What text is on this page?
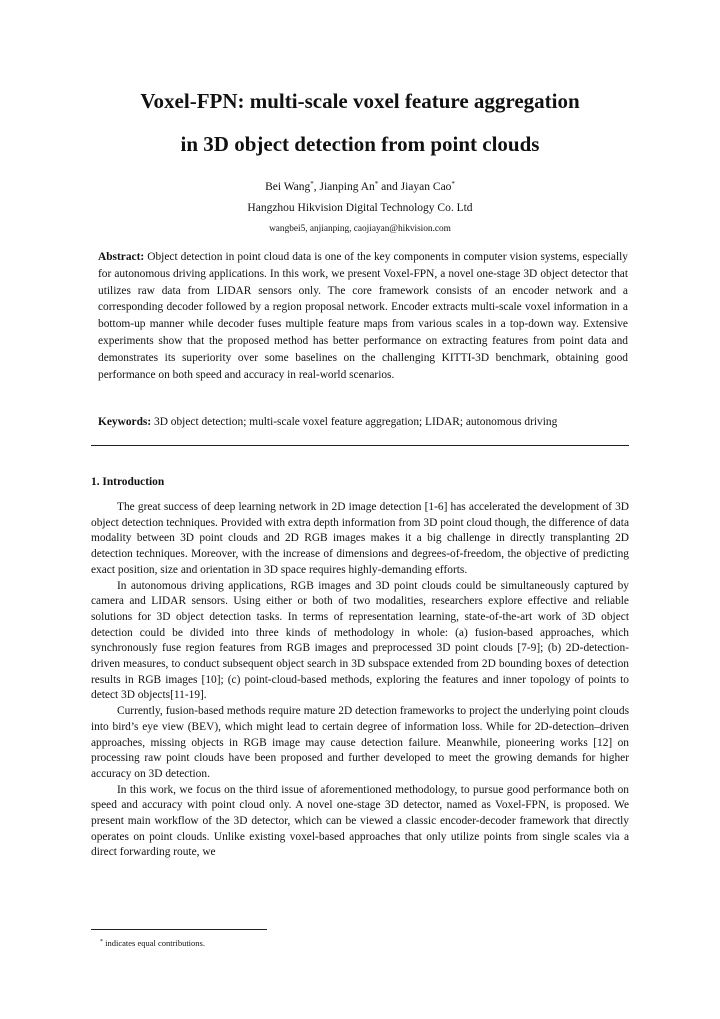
Voxel-FPN: multi-scale voxel feature aggregation
in 3D object detection from point clouds
Bei Wang*, Jianping An* and Jiayan Cao*
Hangzhou Hikvision Digital Technology Co. Ltd
wangbei5, anjianping, caojiayan@hikvision.com
Abstract: Object detection in point cloud data is one of the key components in computer vision systems, especially for autonomous driving applications. In this work, we present Voxel-FPN, a novel one-stage 3D object detector that utilizes raw data from LIDAR sensors only. The core framework consists of an encoder network and a corresponding decoder followed by a region proposal network. Encoder extracts multi-scale voxel information in a bottom-up manner while decoder fuses multiple feature maps from various scales in a top-down way. Extensive experiments show that the proposed method has better performance on extracting features from point data and demonstrates its superiority over some baselines on the challenging KITTI-3D benchmark, obtaining good performance on both speed and accuracy in real-world scenarios.
Keywords: 3D object detection; multi-scale voxel feature aggregation; LIDAR; autonomous driving
1. Introduction

The great success of deep learning network in 2D image detection [1-6] has accelerated the development of 3D object detection techniques. Provided with extra depth information from 3D point cloud though, the difference of data modality between 3D point clouds and 2D RGB images makes it a big challenge in directly transplanting 2D detection techniques. Moreover, with the increase of dimensions and degrees-of-freedom, the objective of predicting exact position, size and orientation in 3D space requires highly-demanding efforts.

In autonomous driving applications, RGB images and 3D point clouds could be simultaneously captured by camera and LIDAR sensors. Using either or both of two modalities, researchers explore effective and reliable solutions for 3D object detection tasks. In terms of representation learning, state-of-the-art work of 3D object detection could be divided into three kinds of methodology in whole: (a) fusion-based approaches, which synchronously fuse region features from RGB images and preprocessed 3D point clouds [7-9]; (b) 2D-detection-driven measures, to conduct subsequent object search in 3D subspace extended from 2D bounding boxes of detection results in RGB images [10]; (c) point-cloud-based methods, exploring the features and inner topology of points to detect 3D objects[11-19].

Currently, fusion-based methods require mature 2D detection frameworks to project the underlying point clouds into bird’s eye view (BEV), which might lead to certain degree of information loss. While for 2D-detection–driven approaches, missing objects in RGB image may cause detection failure. Meanwhile, pioneering works [12] on processing raw point clouds have been proposed and further developed to meet the growing demands for higher accuracy on 3D detection.

In this work, we focus on the third issue of aforementioned methodology, to pursue good performance both on speed and accuracy with point cloud only. A novel one-stage 3D detector, named as Voxel-FPN, is proposed. We present main workflow of the 3D detector, which can be viewed a classic encoder-decoder framework that directly operates on point clouds. Unlike existing voxel-based approaches that only utilize points from single scales via a direct forwarding route, we

* indicates equal contributions.
